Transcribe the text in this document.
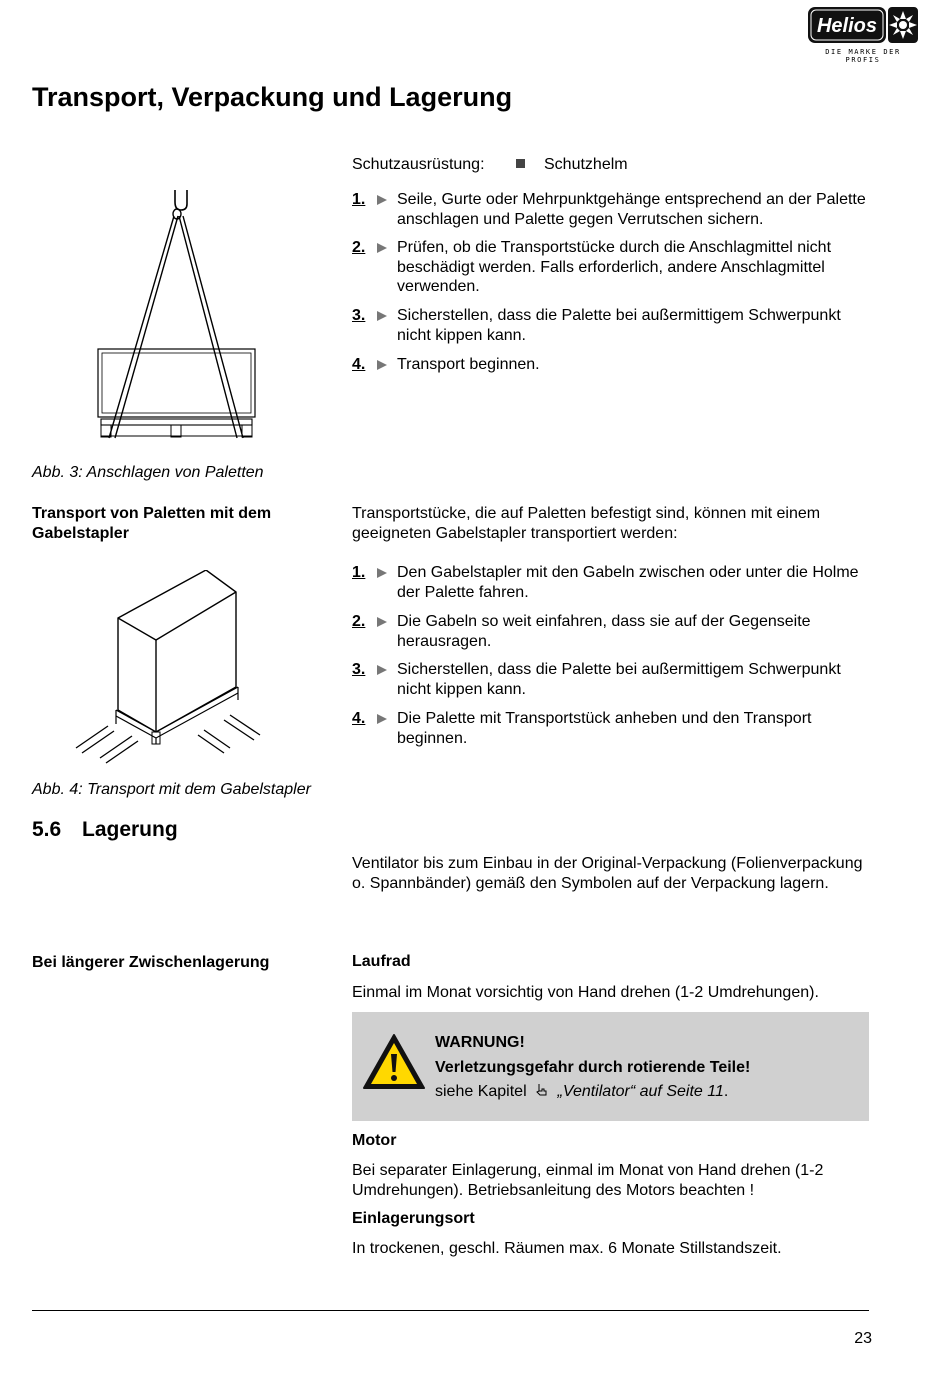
Helios
DIE MARKE DER PROFIS
Transport, Verpackung und Lagerung
Schutzausrüstung:	Schutzhelm
1. Seile, Gurte oder Mehrpunktgehänge entsprechend an der Palette anschlagen und Palette gegen Verrutschen sichern.
2. Prüfen, ob die Transportstücke durch die Anschlagmittel nicht beschädigt werden. Falls erforderlich, andere Anschlagmittel verwenden.
3. Sicherstellen, dass die Palette bei außermittigem Schwerpunkt nicht kippen kann.
4. Transport beginnen.
Abb. 3: Anschlagen von Paletten
Transport von Paletten mit dem Gabelstapler
Transportstücke, die auf Paletten befestigt sind, können mit einem geeigneten Gabelstapler transportiert werden:
1. Den Gabelstapler mit den Gabeln zwischen oder unter die Holme der Palette fahren.
2. Die Gabeln so weit einfahren, dass sie auf der Gegenseite herausragen.
3. Sicherstellen, dass die Palette bei außermittigem Schwerpunkt nicht kippen kann.
4. Die Palette mit Transportstück anheben und den Transport beginnen.
Abb. 4: Transport mit dem Gabelstapler
5.6 Lagerung
Ventilator bis zum Einbau in der Original-Verpackung (Folienverpackung o. Spannbänder) gemäß den Symbolen auf der Verpackung lagern.
Bei längerer Zwischenlagerung	Laufrad
Einmal im Monat vorsichtig von Hand drehen (1-2 Umdrehungen).
WARNUNG!
Verletzungsgefahr durch rotierende Teile!
siehe Kapitel „Ventilator“ auf Seite 11.
Motor
Bei separater Einlagerung, einmal im Monat von Hand drehen (1-2 Umdrehungen). Betriebsanleitung des Motors beachten !
Einlagerungsort
In trockenen, geschl. Räumen max. 6 Monate Stillstandszeit.
23
